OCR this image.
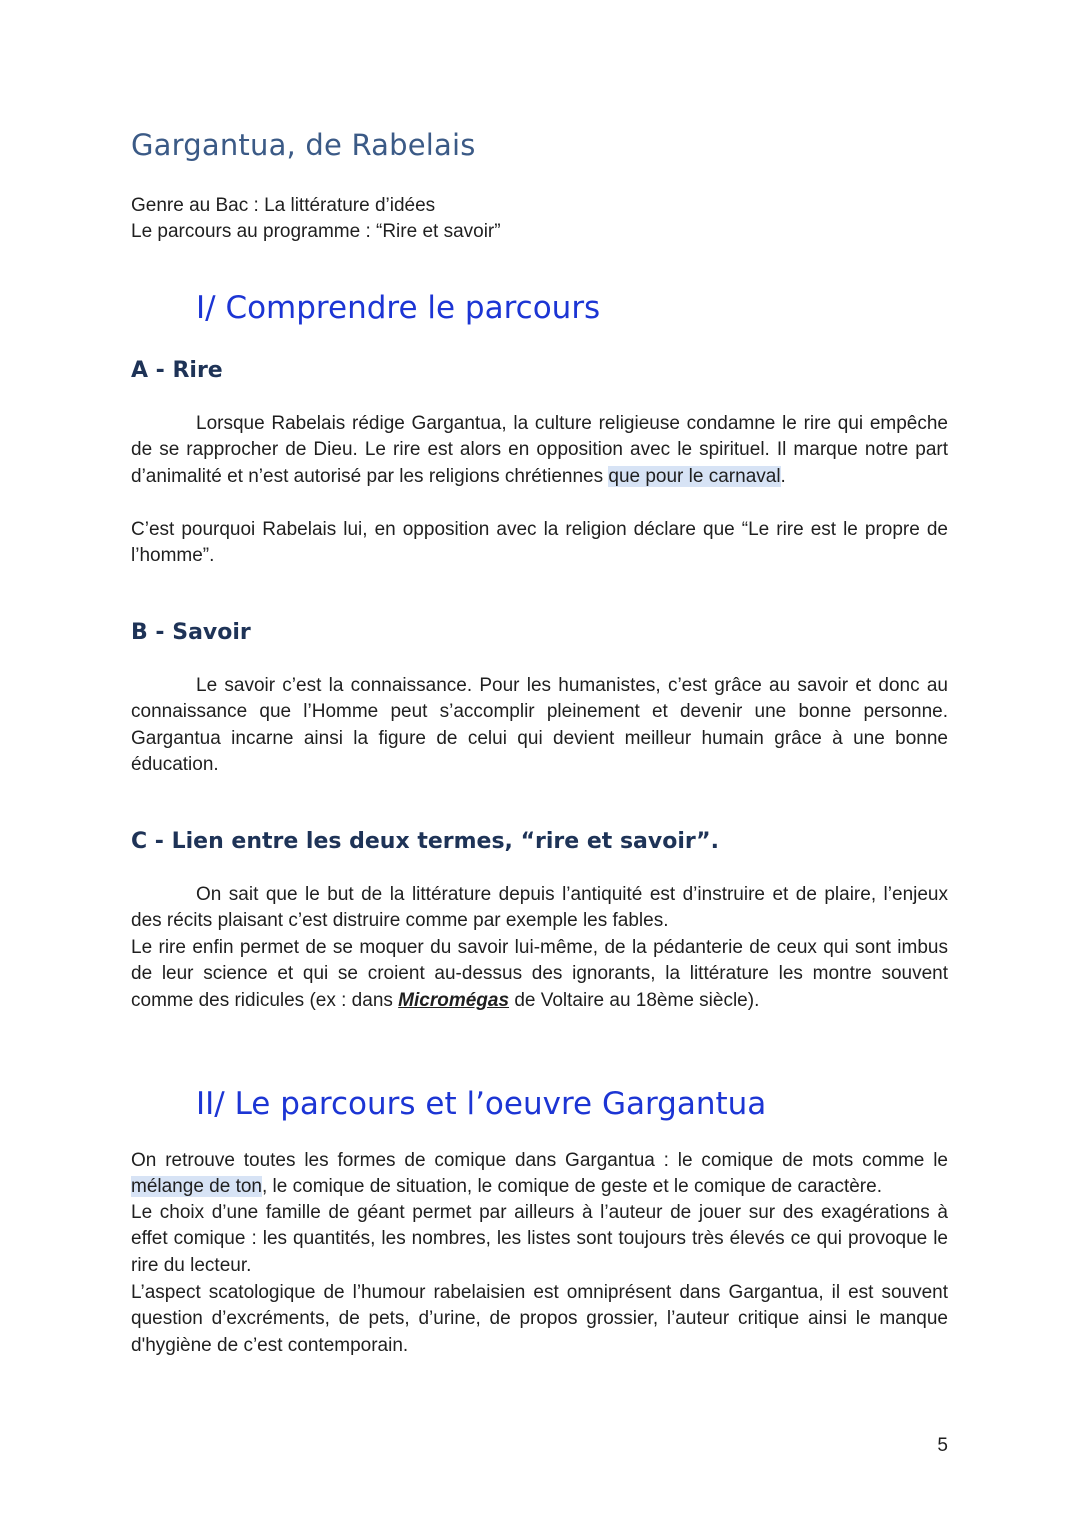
Gargantua, de Rabelais
Genre au Bac : La littérature d’idées
Le parcours au programme : “Rire et savoir”
I/ Comprendre le parcours
A - Rire

Lorsque Rabelais rédige Gargantua, la culture religieuse condamne le rire qui empêche de se rapprocher de Dieu. Le rire est alors en opposition avec le spirituel. Il marque notre part d’animalité et n’est autorisé par les religions chrétiennes que pour le carnaval.

C’est pourquoi Rabelais lui, en opposition avec la religion déclare que “Le rire est le propre de l’homme”.

B - Savoir

Le savoir c’est la connaissance. Pour les humanistes, c’est grâce au savoir et donc au connaissance que l’Homme peut s’accomplir pleinement et devenir une bonne personne. Gargantua incarne ainsi la figure de celui qui devient meilleur humain grâce à une bonne éducation.

C - Lien entre les deux termes, “rire et savoir”.

On sait que le but de la littérature depuis l’antiquité est d’instruire et de plaire, l’enjeux des récits plaisant c’est distruire comme par exemple les fables.

Le rire enfin permet de se moquer du savoir lui-même, de la pédanterie de ceux qui sont imbus de leur science et qui se croient au-dessus des ignorants, la littérature les montre souvent comme des ridicules (ex : dans Micromégas de Voltaire au 18ème siècle).

II/ Le parcours et l’oeuvre Gargantua

On retrouve toutes les formes de comique dans Gargantua : le comique de mots comme le mélange de ton, le comique de situation, le comique de geste et le comique de caractère.

Le choix d’une famille de géant permet par ailleurs à l’auteur de jouer sur des exagérations à effet comique : les quantités, les nombres, les listes sont toujours très élevés ce qui provoque le rire du lecteur.

L’aspect scatologique de l’humour rabelaisien est omniprésent dans Gargantua, il est souvent question d’excréments, de pets, d’urine, de propos grossier, l’auteur critique ainsi le manque d'hygiène de c’est contemporain.

5
